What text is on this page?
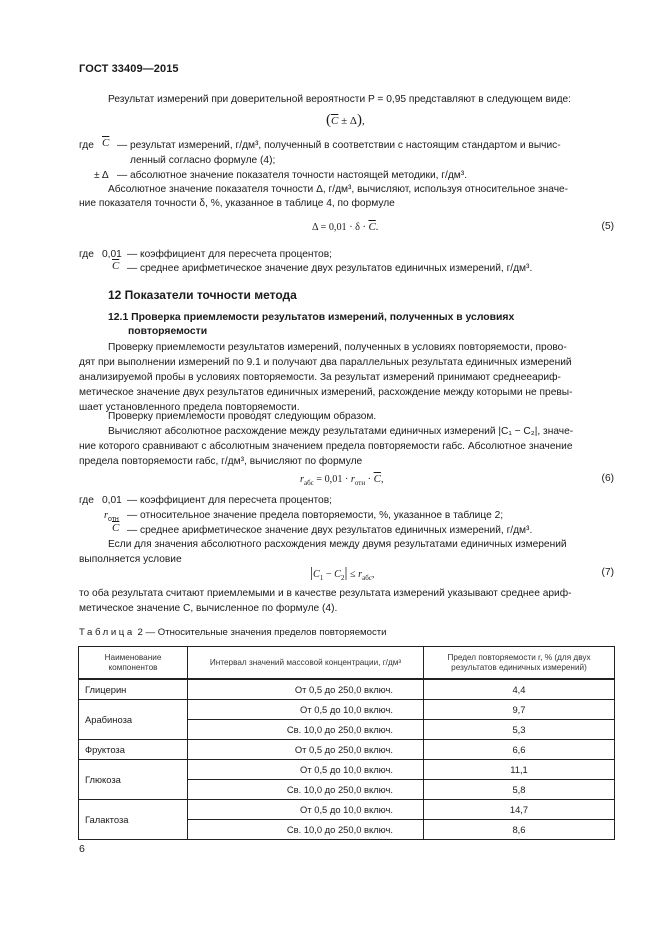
ГОСТ 33409—2015
Результат измерений при доверительной вероятности P = 0,95 представляют в следующем виде:
$(\overline{C} \pm \Delta)$,
где $\overline{C}$ — результат измерений, г/дм³, полученный в соответствии с настоящим стандартом и вычис-
ленный согласно формуле (4);
± Δ — абсолютное значение показателя точности настоящей методики, г/дм³.
Абсолютное значение показателя точности Δ, г/дм³, вычисляют, используя относительное значе-
ние показателя точности δ, %, указанное в таблице 4, по формуле
$\Delta = 0,01 \cdot \delta \cdot \overline{C}$.	(5)
где 0,01 — коэффициент для пересчета процентов;
$\overline{C}$ — среднее арифметическое значение двух результатов единичных измерений, г/дм³.
12 Показатели точности метода
12.1 Проверка приемлемости результатов измерений, полученных в условиях
повторяемости
Проверку приемлемости результатов измерений, полученных в условиях повторяемости, прово-
дят при выполнении измерений по 9.1 и получают два параллельных результата единичных измерений
анализируемой пробы в условиях повторяемости. За результат измерений принимают среднееариф-
метическое значение двух результатов единичных измерений, расхождение между которыми не превы-
шает установленного предела повторяемости.
Проверку приемлемости проводят следующим образом.
Вычисляют абсолютное расхождение между результатами единичных измерений |C₁ − C₂|, значе-
ние которого сравнивают с абсолютным значением предела повторяемости rабс. Абсолютное значение
предела повторяемости rабс, г/дм³, вычисляют по формуле
$r_{абс} = 0,01 \cdot r_{отн} \cdot \overline{C}$,	(6)
где 0,01 — коэффициент для пересчета процентов;
$r_{отн}$ — относительное значение предела повторяемости, %, указанное в таблице 2;
$\overline{C}$ — среднее арифметическое значение двух результатов единичных измерений, г/дм³.
Если для значения абсолютного расхождения между двумя результатами единичных измерений
выполняется условие
$|C_1 - C_2| \le r_{абс}$,	(7)
то оба результата считают приемлемыми и в качестве результата измерений указывают среднее ариф-
метическое значение C, вычисленное по формуле (4).
Таблица 2 — Относительные значения пределов повторяемости
Наименование компонентов	Интервал значений массовой концентрации, г/дм³	Предел повторяемости r, % (для двух результатов единичных измерений)
Глицерин	От 0,5 до 250,0 включ.	4,4
Арабиноза	От 0,5 до 10,0 включ.	9,7
	Св. 10,0 до 250,0 включ.	5,3
Фруктоза	От 0,5 до 250,0 включ.	6,6
Глюкоза	От 0,5 до 10,0 включ.	11,1
	Св. 10,0 до 250,0 включ.	5,8
Галактоза	От 0,5 до 10,0 включ.	14,7
	Св. 10,0 до 250,0 включ.	8,6
6
